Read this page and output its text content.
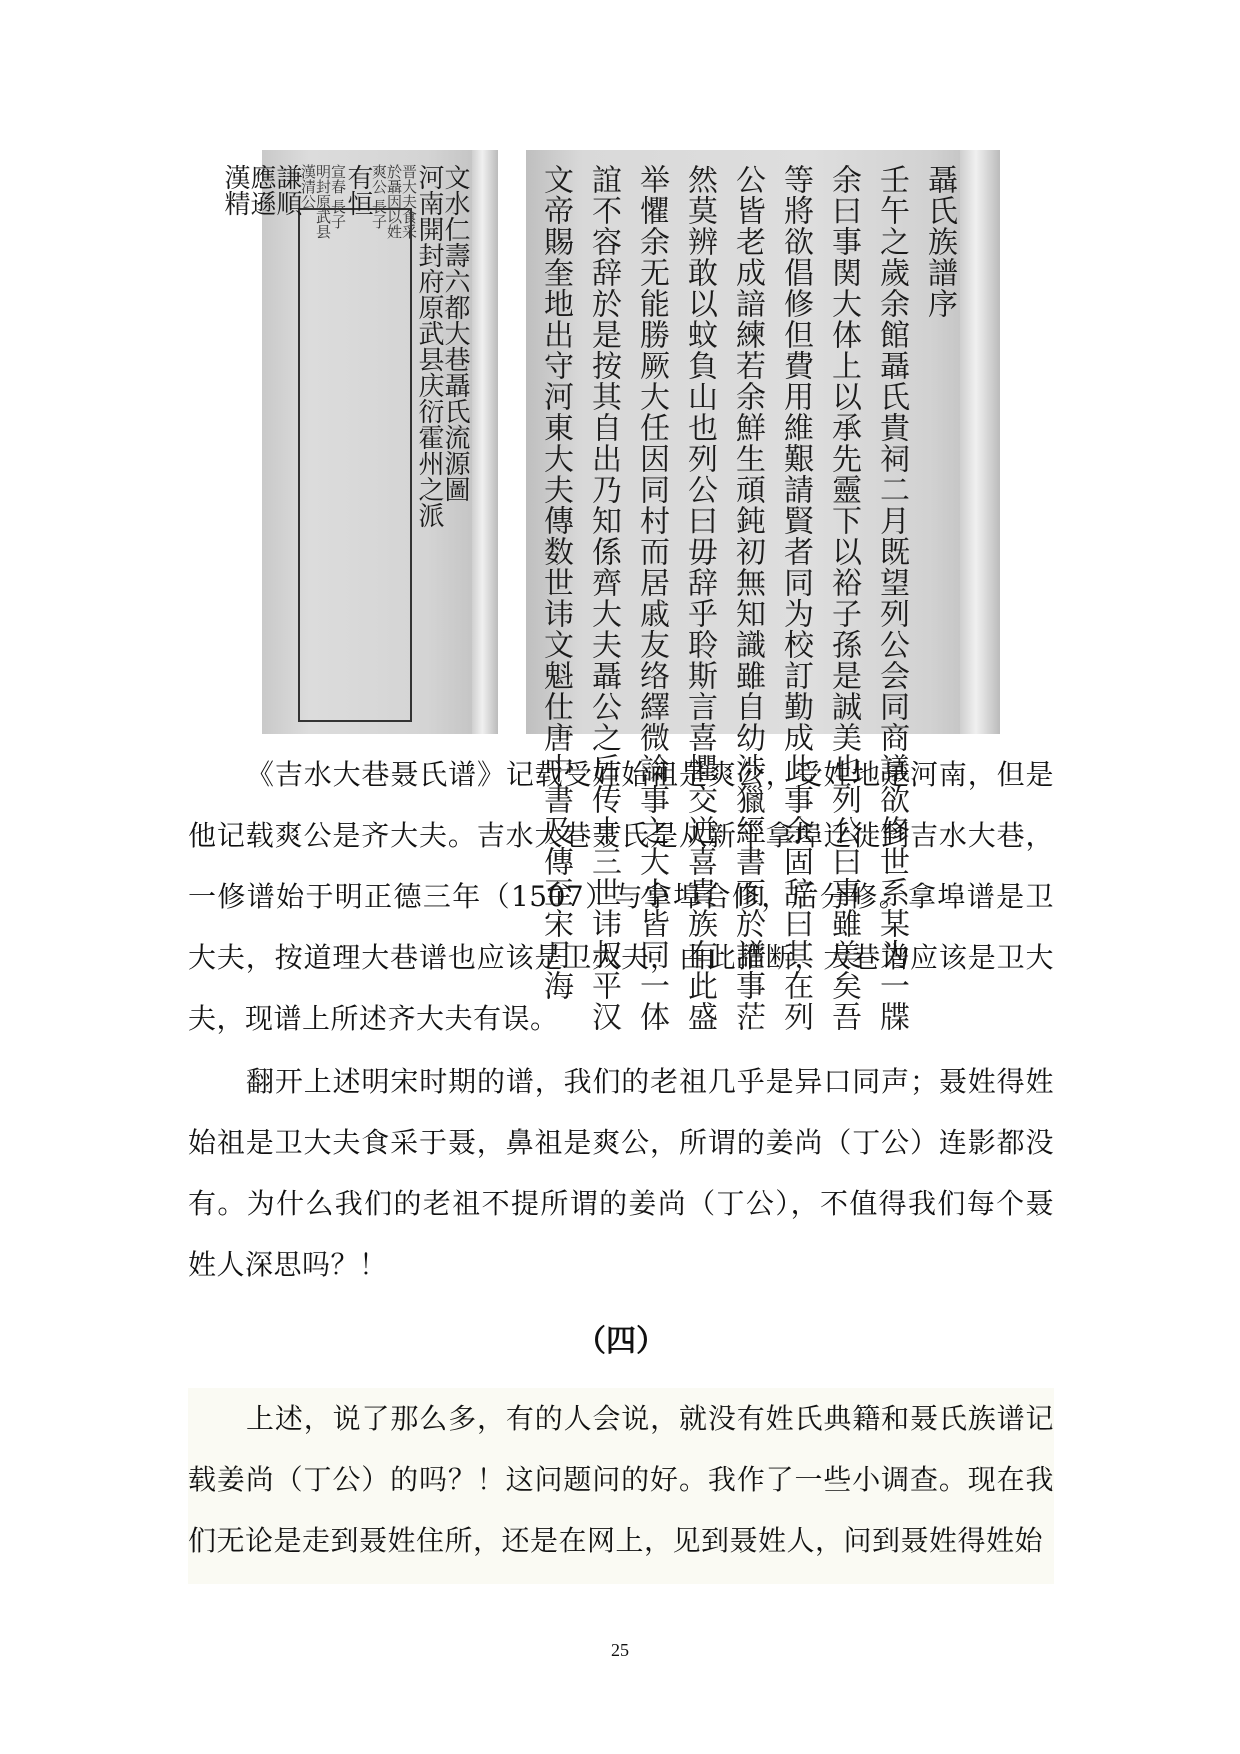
文水仁壽六都大巷聶氏流源圖
河南開封府原武县庆衍霍州之派
晋大夫食采
於聶因以姓
爽公 長子
有恒
宣春 長子
明封原武县
漢清公
謙順
應遜
漢精	聶氏族譜序
壬午之歲余館聶氏貴祠二月既望列公会同商議欲修世系某为一牒
余曰事関大体上以承先靈下以裕子孫是誠美也列公曰事雖美矣吾
等將欲倡修但費用維艱請賢者同为校訂勤成此事余固辞曰其在列
公皆老成諳練若余鮮生頑鈍初無知識雖自幼涉獵經書而於譜事茫
然莫辨敢以蚊負山也列公曰毋辞乎聆斯言喜懼交迸喜貴族有此盛
举懼余无能勝厥大任因同村而居戚友络繹微論事之大小皆同一体
誼不容辞於是按其自出乃知係齊大夫聶公之后传十三世讳叔平汉
文帝賜奎地出守河東大夫傳数世讳文魁仕唐中書及傳至宋月海

《吉水大巷聂氏谱》记载受姓始祖是爽公，受姓地是河南，但是他记载爽公是齐大夫。吉水大巷聂氏是从新干拿埠迁徙到吉水大巷，一修谱始于明正德三年（1507）与拿埠合修，后分修。拿埠谱是卫大夫，按道理大巷谱也应该是卫大夫，由此推断，大巷谱应该是卫大夫，现谱上所述齐大夫有误。

翻开上述明宋时期的谱，我们的老祖几乎是异口同声；聂姓得姓始祖是卫大夫食采于聂，鼻祖是爽公，所谓的姜尚（丁公）连影都没有。为什么我们的老祖不提所谓的姜尚（丁公），不值得我们每个聂姓人深思吗？！

（四）

上述，说了那么多，有的人会说，就没有姓氏典籍和聂氏族谱记载姜尚（丁公）的吗？！这问题问的好。我作了一些小调查。现在我们无论是走到聂姓住所，还是在网上，见到聂姓人，问到聂姓得姓始

25
